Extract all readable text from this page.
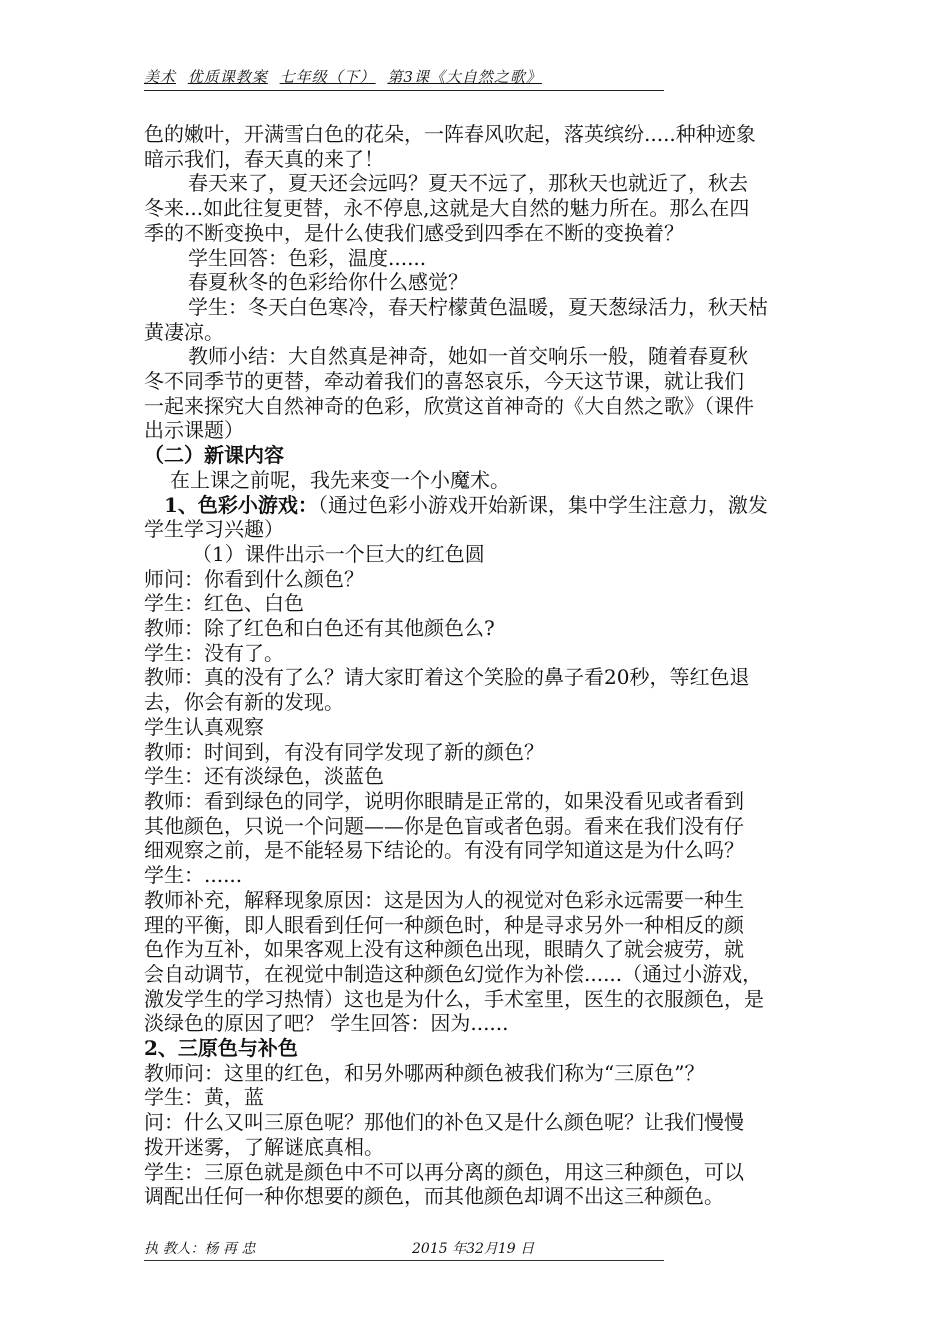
美术 优质课教案 七年级（下） 第3课《大自然之歌》
色的嫩叶，开满雪白色的花朵，一阵春风吹起，落英缤纷.....种种迹象
暗示我们，春天真的来了！
春天来了，夏天还会远吗？夏天不远了，那秋天也就近了，秋去
冬来...如此往复更替，永不停息,这就是大自然的魅力所在。那么在四
季的不断变换中，是什么使我们感受到四季在不断的变换着？
学生回答：色彩，温度......
春夏秋冬的色彩给你什么感觉？
学生：冬天白色寒冷，春天柠檬黄色温暖，夏天葱绿活力，秋天枯
黄凄凉。
教师小结：大自然真是神奇，她如一首交响乐一般，随着春夏秋
冬不同季节的更替，牵动着我们的喜怒哀乐，今天这节课，就让我们
一起来探究大自然神奇的色彩，欣赏这首神奇的《大自然之歌》（课件
出示课题）
（二）新课内容
在上课之前呢，我先来变一个小魔术。
1、色彩小游戏：（通过色彩小游戏开始新课，集中学生注意力，激发
学生学习兴趣）
（1）课件出示一个巨大的红色圆
师问：你看到什么颜色？
学生：红色、白色
教师：除了红色和白色还有其他颜色么?
学生：没有了。
教师：真的没有了么？请大家盯着这个笑脸的鼻子看20秒，等红色退
去，你会有新的发现。
学生认真观察
教师：时间到，有没有同学发现了新的颜色？
学生：还有淡绿色，淡蓝色
教师：看到绿色的同学，说明你眼睛是正常的，如果没看见或者看到
其他颜色，只说一个问题——你是色盲或者色弱。看来在我们没有仔
细观察之前，是不能轻易下结论的。有没有同学知道这是为什么吗？
学生：......
教师补充，解释现象原因：这是因为人的视觉对色彩永远需要一种生
理的平衡，即人眼看到任何一种颜色时，种是寻求另外一种相反的颜
色作为互补，如果客观上没有这种颜色出现，眼睛久了就会疲劳，就
会自动调节，在视觉中制造这种颜色幻觉作为补偿......（通过小游戏，
激发学生的学习热情）这也是为什么，手术室里，医生的衣服颜色，是
淡绿色的原因了吧？ 学生回答：因为......
2、三原色与补色
教师问：这里的红色，和另外哪两种颜色被我们称为“三原色”？
学生：黄，蓝
问：什么又叫三原色呢？那他们的补色又是什么颜色呢？让我们慢慢
拨开迷雾，了解谜底真相。
学生：三原色就是颜色中不可以再分离的颜色，用这三种颜色，可以
调配出任何一种你想要的颜色，而其他颜色却调不出这三种颜色。
执 教人：杨 再 忠	2015 年32月19 日
